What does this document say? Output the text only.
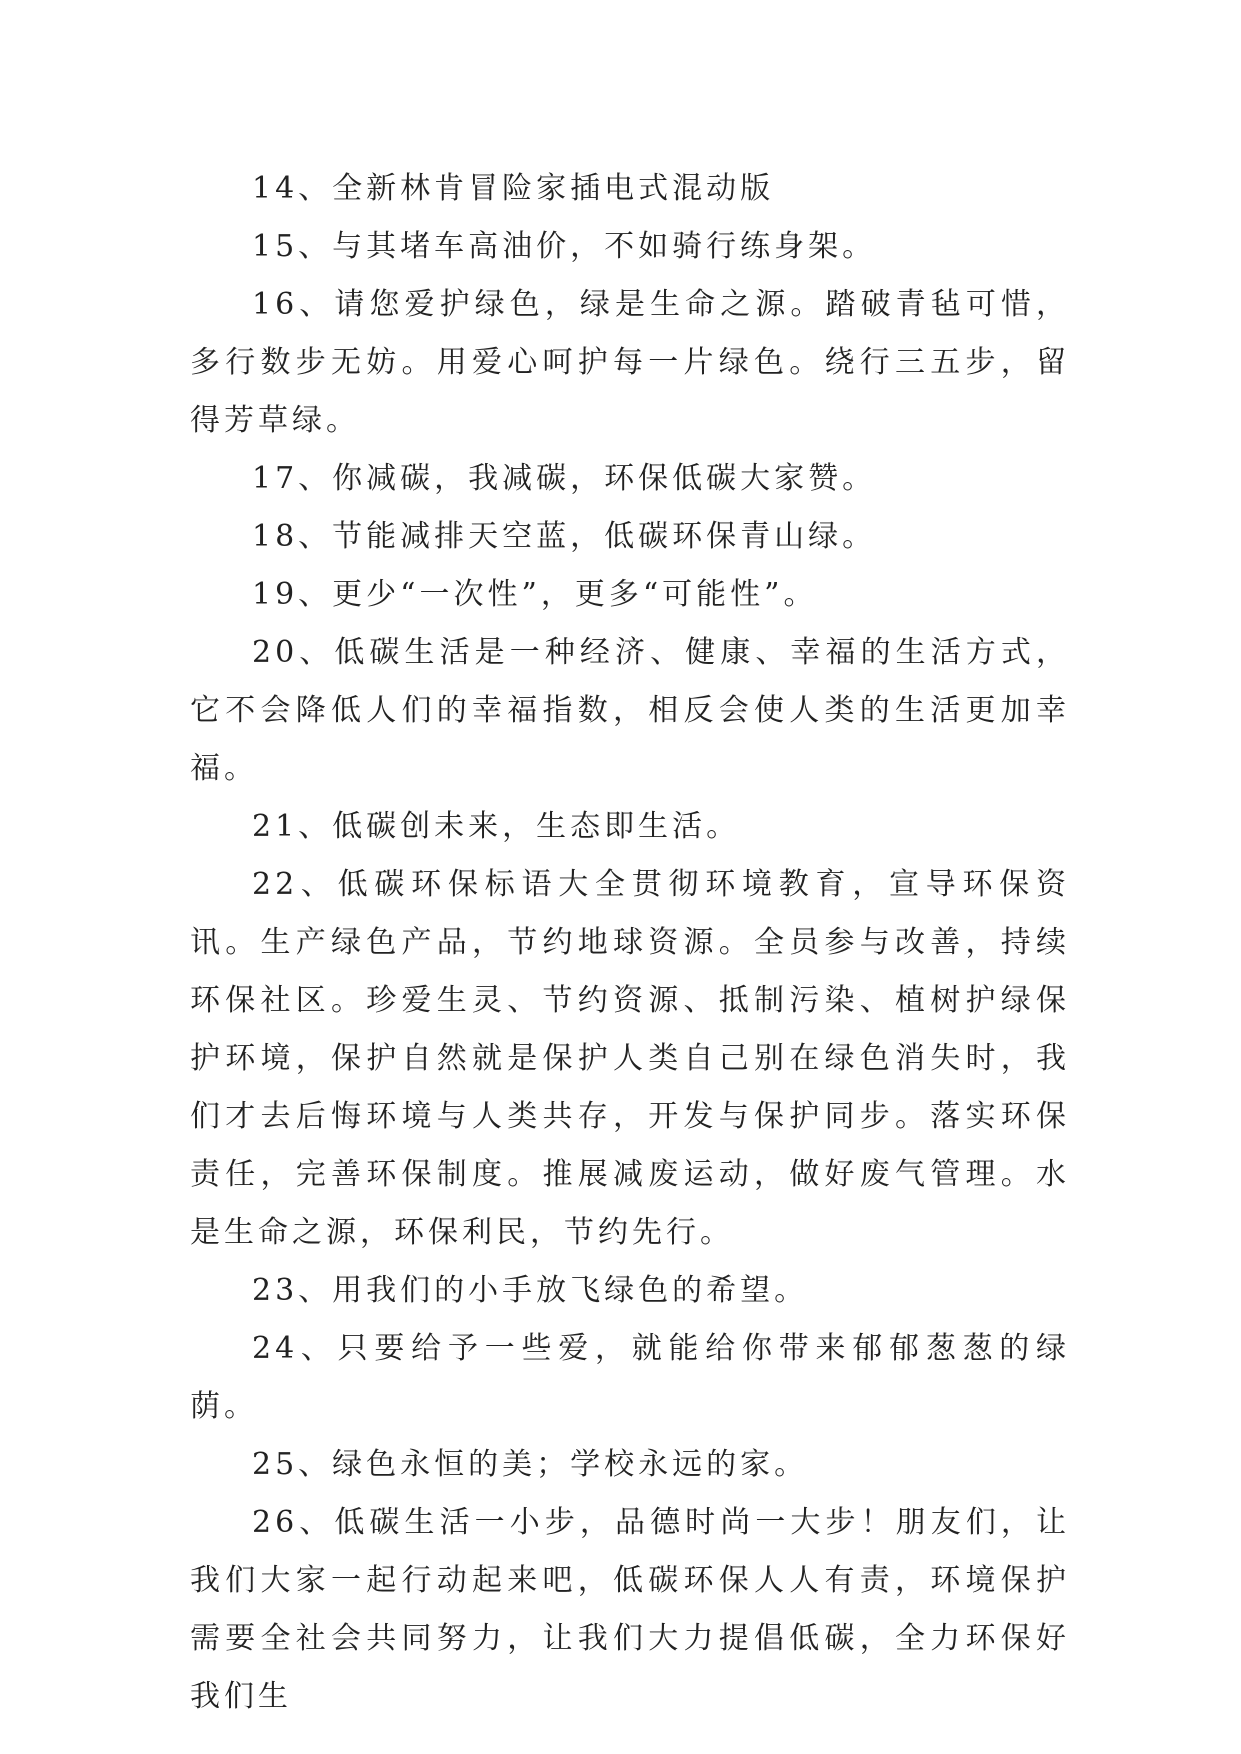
14、全新林肯冒险家插电式混动版

15、与其堵车高油价，不如骑行练身架。

16、请您爱护绿色，绿是生命之源。踏破青毡可惜，多行数步无妨。用爱心呵护每一片绿色。绕行三五步，留得芳草绿。

17、你减碳，我减碳，环保低碳大家赞。

18、节能减排天空蓝，低碳环保青山绿。

19、更少“一次性”，更多“可能性”。

20、低碳生活是一种经济、健康、幸福的生活方式，它不会降低人们的幸福指数，相反会使人类的生活更加幸福。

21、低碳创未来，生态即生活。

22、低碳环保标语大全贯彻环境教育，宣导环保资讯。生产绿色产品，节约地球资源。全员参与改善，持续环保社区。珍爱生灵、节约资源、抵制污染、植树护绿保护环境，保护自然就是保护人类自己别在绿色消失时，我们才去后悔环境与人类共存，开发与保护同步。落实环保责任，完善环保制度。推展减废运动，做好废气管理。水是生命之源，环保利民，节约先行。

23、用我们的小手放飞绿色的希望。

24、只要给予一些爱，就能给你带来郁郁葱葱的绿荫。

25、绿色永恒的美；学校永远的家。

26、低碳生活一小步，品德时尚一大步！朋友们，让我们大家一起行动起来吧，低碳环保人人有责，环境保护需要全社会共同努力，让我们大力提倡低碳，全力环保好我们生
